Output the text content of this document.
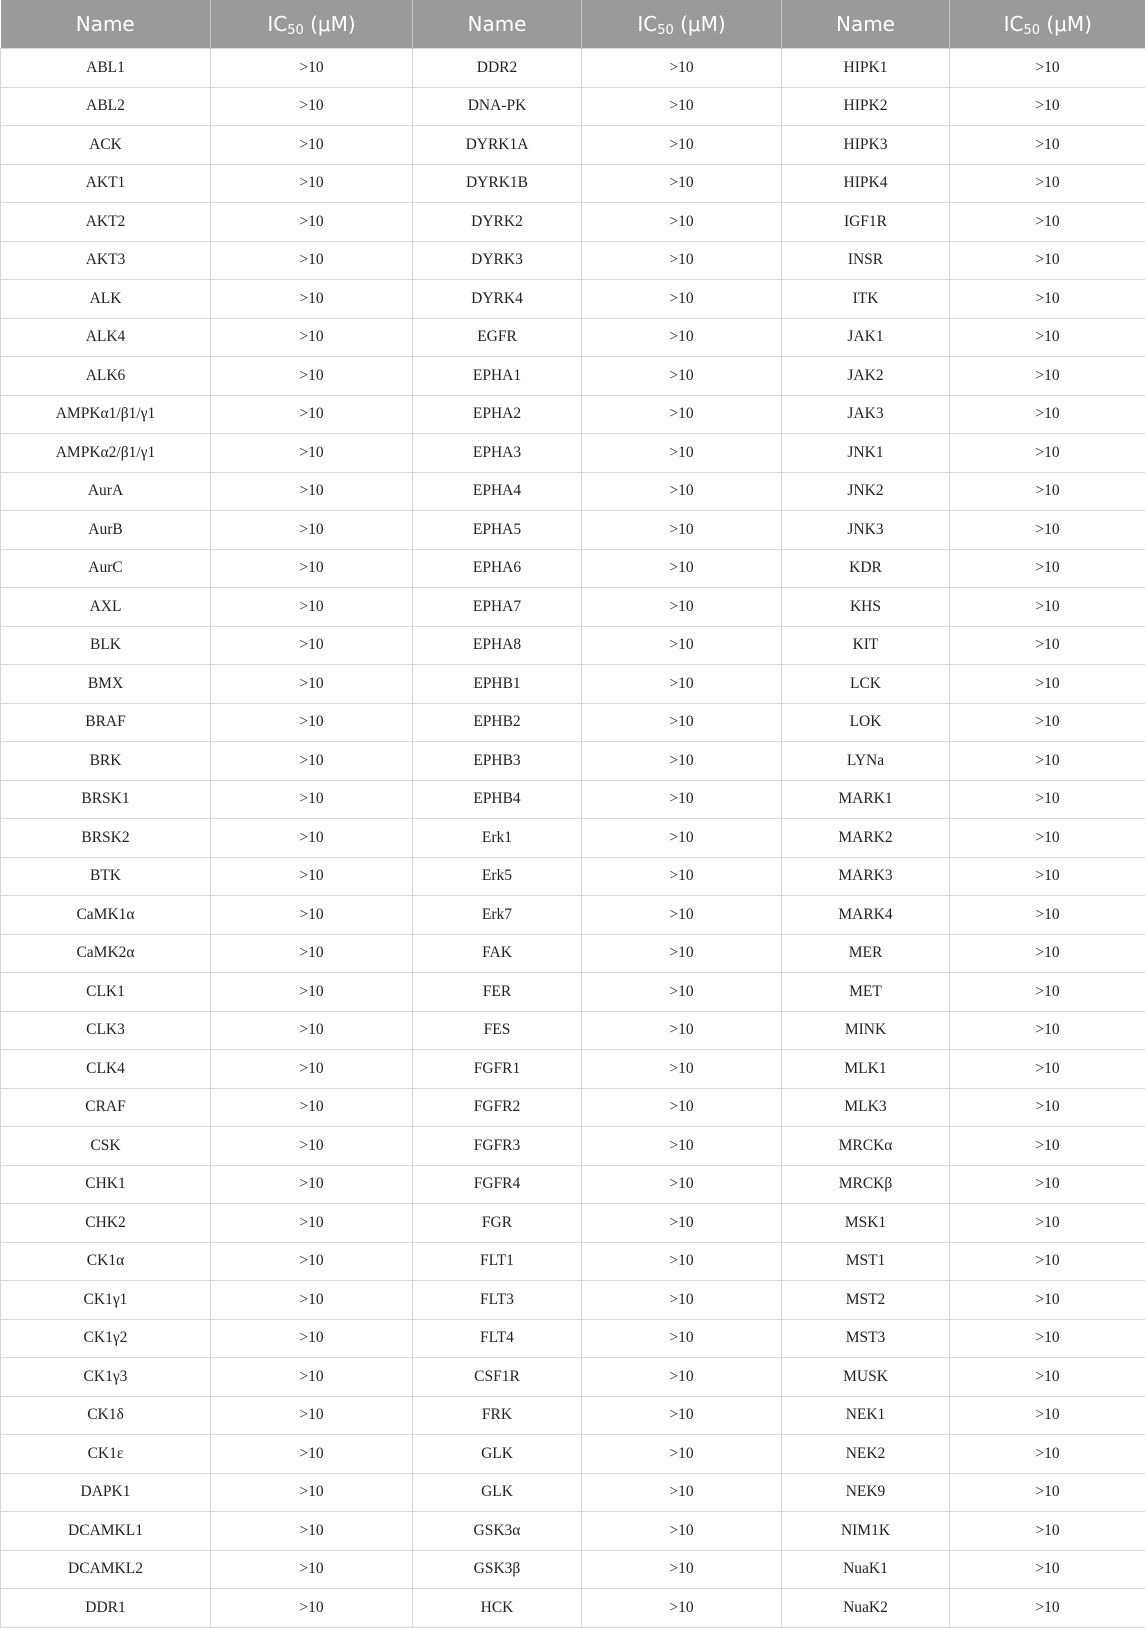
Name	$IC_{50}$ (μM)	Name	$IC_{50}$ (μM)	Name	$IC_{50}$ (μM)
ABL1	>10	DDR2	>10	HIPK1	>10
ABL2	>10	DNA-PK	>10	HIPK2	>10
ACK	>10	DYRK1A	>10	HIPK3	>10
AKT1	>10	DYRK1B	>10	HIPK4	>10
AKT2	>10	DYRK2	>10	IGF1R	>10
AKT3	>10	DYRK3	>10	INSR	>10
ALK	>10	DYRK4	>10	ITK	>10
ALK4	>10	EGFR	>10	JAK1	>10
ALK6	>10	EPHA1	>10	JAK2	>10
AMPKα1/β1/γ1	>10	EPHA2	>10	JAK3	>10
AMPKα2/β1/γ1	>10	EPHA3	>10	JNK1	>10
AurA	>10	EPHA4	>10	JNK2	>10
AurB	>10	EPHA5	>10	JNK3	>10
AurC	>10	EPHA6	>10	KDR	>10
AXL	>10	EPHA7	>10	KHS	>10
BLK	>10	EPHA8	>10	KIT	>10
BMX	>10	EPHB1	>10	LCK	>10
BRAF	>10	EPHB2	>10	LOK	>10
BRK	>10	EPHB3	>10	LYNa	>10
BRSK1	>10	EPHB4	>10	MARK1	>10
BRSK2	>10	Erk1	>10	MARK2	>10
BTK	>10	Erk5	>10	MARK3	>10
CaMK1α	>10	Erk7	>10	MARK4	>10
CaMK2α	>10	FAK	>10	MER	>10
CLK1	>10	FER	>10	MET	>10
CLK3	>10	FES	>10	MINK	>10
CLK4	>10	FGFR1	>10	MLK1	>10
CRAF	>10	FGFR2	>10	MLK3	>10
CSK	>10	FGFR3	>10	MRCKα	>10
CHK1	>10	FGFR4	>10	MRCKβ	>10
CHK2	>10	FGR	>10	MSK1	>10
CK1α	>10	FLT1	>10	MST1	>10
CK1γ1	>10	FLT3	>10	MST2	>10
CK1γ2	>10	FLT4	>10	MST3	>10
CK1γ3	>10	CSF1R	>10	MUSK	>10
CK1δ	>10	FRK	>10	NEK1	>10
CK1ε	>10	GLK	>10	NEK2	>10
DAPK1	>10	GLK	>10	NEK9	>10
DCAMKL1	>10	GSK3α	>10	NIM1K	>10
DCAMKL2	>10	GSK3β	>10	NuaK1	>10
DDR1	>10	HCK	>10	NuaK2	>10
